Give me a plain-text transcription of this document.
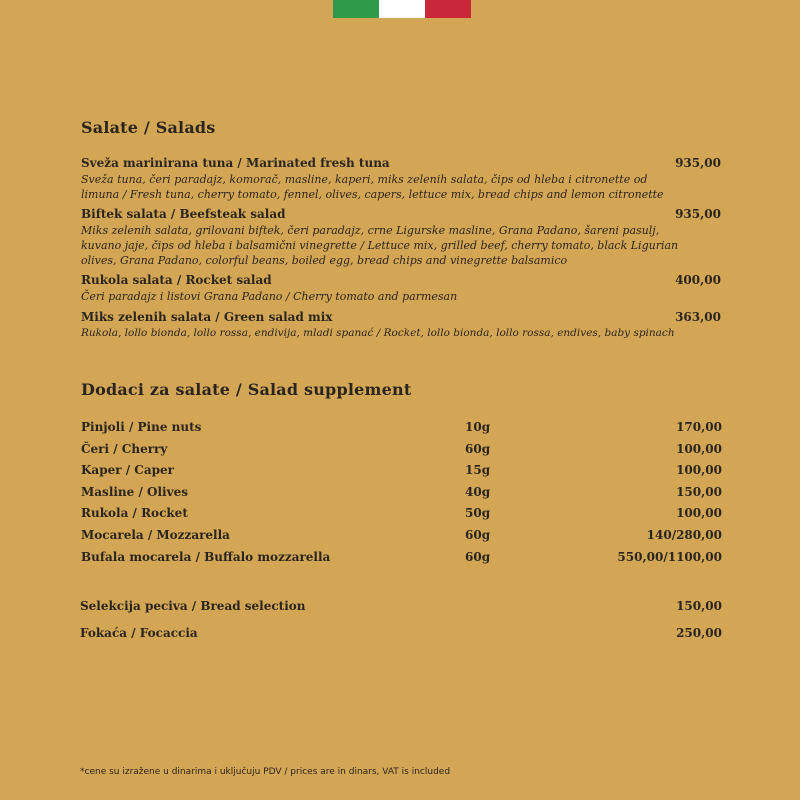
Salate / Salads
Sveža marinirana tuna / Marinated fresh tuna
Sveža tuna, čeri paradajz, komorač, masline, kaperi, miks zelenih salata, čips od hleba i citronette od limuna / Fresh tuna, cherry tomato, fennel, olives, capers, lettuce mix, bread chips and lemon citronette
935,00
Biftek salata / Beefsteak salad
Miks zelenih salata, grilovani biftek, čeri paradajz, crne Ligurske masline, Grana Padano, šareni pasulj, kuvano jaje, čips od hleba i balsamični vinegrette / Lettuce mix, grilled beef, cherry tomato, black Ligurian olives, Grana Padano, colorful beans, boiled egg, bread chips and vinegrette balsamico
935,00
Rukola salata / Rocket salad
Čeri paradajz i listovi Grana Padano / Cherry tomato and parmesan
400,00
Miks zelenih salata / Green salad mix
Rukola, lollo bionda, lollo rossa, endivija, mladi spanać / Rocket, lollo bionda, lollo rossa, endives, baby spinach
363,00
Dodaci za salate / Salad supplement
Pinjoli / Pine nuts	10g	170,00
Čeri / Cherry	60g	100,00
Kaper / Caper	15g	100,00
Masline / Olives	40g	150,00
Rukola / Rocket	50g	100,00
Mocarela / Mozzarella	60g	140/280,00
Bufala mocarela / Buffalo mozzarella	60g	550,00/1100,00
Selekcija peciva / Bread selection	150,00
Fokaća / Focaccia	250,00
*cene su izražene u dinarima i uključuju PDV / prices are in dinars, VAT is included
